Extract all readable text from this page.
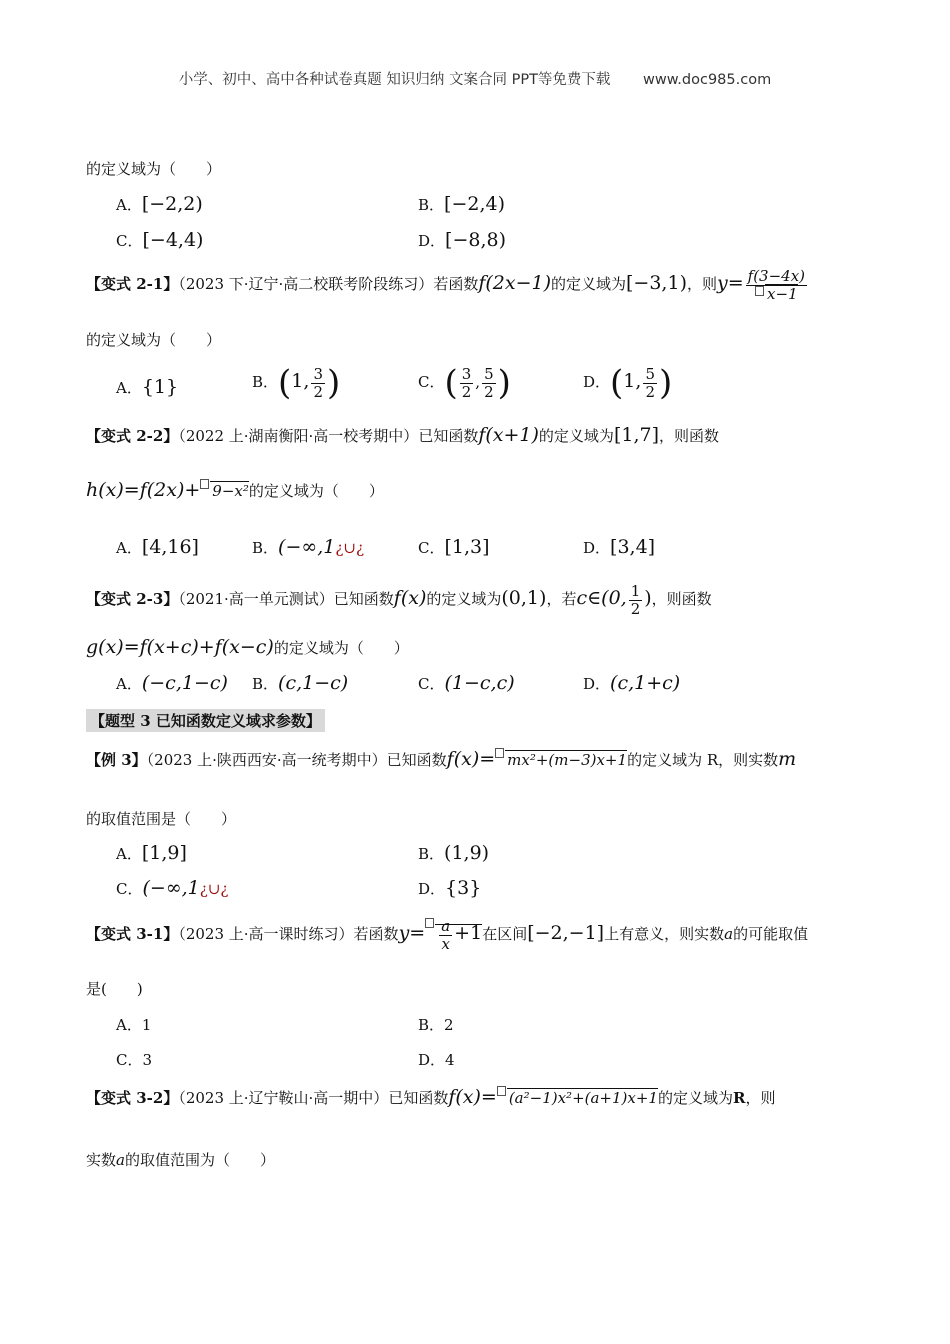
小学、初中、高中各种试卷真题 知识归纳 文案合同 PPT等免费下载 www.doc985.com
的定义域为（　　）
A．[−2,2)	B．[−2,4)
C．[−4,4)	D．[−8,8)
【变式 2-1】（2023 下·辽宁·高二校联考阶段练习）若函数f(2x−1)的定义域为[−3,1)，则$y= \frac{f(3-4x)}{x-1}$
的定义域为（　　）
A．{1}	B．(1, $\frac{3}{2}$ )	C．( $\frac{3}{2}$ , $\frac{5}{2}$ )	D．(1, $\frac{5}{2}$ )
【变式 2-2】（2022 上·湖南衡阳·高一校考期中）已知函数f(x+1)的定义域为[1,7]，则函数
h(x)=f(2x)+ 9−x²的定义域为（　　）
A．[4,16]	B．(−∞,1¿∪¿	C．[1,3]	D．[3,4]
【变式 2-3】（2021·高一单元测试）已知函数f(x)的定义域为(0,1)，若c∈(0, $\frac{1}{2}$ )，则函数
g(x)=f(x+c)+f(x−c)的定义域为（　　）
A．(−c,1−c) B．(c,1−c)	C．(1−c,c)	D．(c,1+c)
【题型 3 已知函数定义域求参数】
【例 3】（2023 上·陕西西安·高一统考期中）已知函数f(x)= mx²+(m−3)x+1的定义域为 R，则实数m
的取值范围是（　　）
A．[1,9]	B．(1,9)
C．(−∞,1¿∪¿	D．{3}
【变式 3-1】（2023 上·高一课时练习）若函数$y= \frac{a}{x} +1$在区间[−2,−1]上有意义，则实数a的可能取值
是(　　)
A．1	B．2
C．3	D．4
【变式 3-2】（2023 上·辽宁鞍山·高一期中）已知函数f(x)= (a²−1)x²+(a+1)x+1的定义域为R，则
实数a的取值范围为（　　）
